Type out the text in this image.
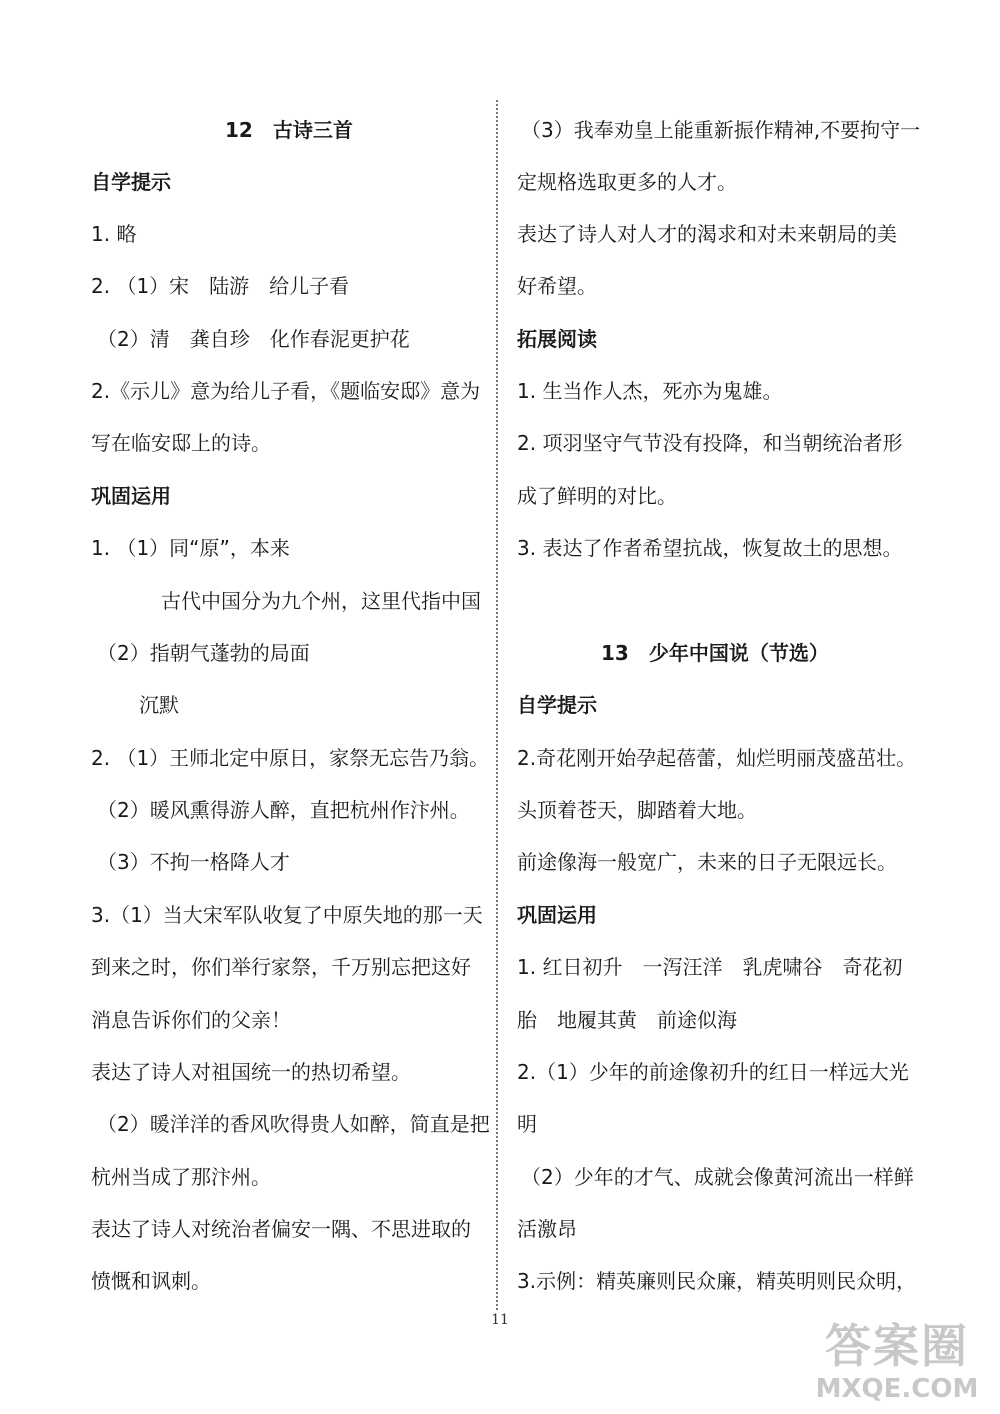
12　古诗三首
自学提示
1. 略
2. （1）宋　陆游　给儿子看
（2）清　龚自珍　化作春泥更护花
2.《示儿》意为给儿子看，《题临安邸》意为
写在临安邸上的诗。
巩固运用
1. （1）同“原”，本来
古代中国分为九个州，这里代指中国
（2）指朝气蓬勃的局面
沉默
2. （1）王师北定中原日，家祭无忘告乃翁。
（2）暖风熏得游人醉，直把杭州作汴州。
（3）不拘一格降人才
3.（1）当大宋军队收复了中原失地的那一天
到来之时，你们举行家祭，千万别忘把这好
消息告诉你们的父亲！
表达了诗人对祖国统一的热切希望。
（2）暖洋洋的香风吹得贵人如醉，简直是把
杭州当成了那汴州。
表达了诗人对统治者偏安一隅、不思进取的
愤慨和讽刺。
（3）我奉劝皇上能重新振作精神,不要拘守一
定规格选取更多的人才。
表达了诗人对人才的渴求和对未来朝局的美
好希望。
拓展阅读
1. 生当作人杰，死亦为鬼雄。
2. 项羽坚守气节没有投降，和当朝统治者形
成了鲜明的对比。
3. 表达了作者希望抗战，恢复故土的思想。
13　少年中国说（节选）
自学提示
2.奇花刚开始孕起蓓蕾，灿烂明丽茂盛茁壮。
头顶着苍天，脚踏着大地。
前途像海一般宽广，未来的日子无限远长。
巩固运用
1. 红日初升　一泻汪洋　乳虎啸谷　奇花初
胎　地履其黄　前途似海
2.（1）少年的前途像初升的红日一样远大光
明
（2）少年的才气、成就会像黄河流出一样鲜
活激昂
3.示例：精英廉则民众廉，精英明则民众明，
11	答案圈
MXQE.COM
